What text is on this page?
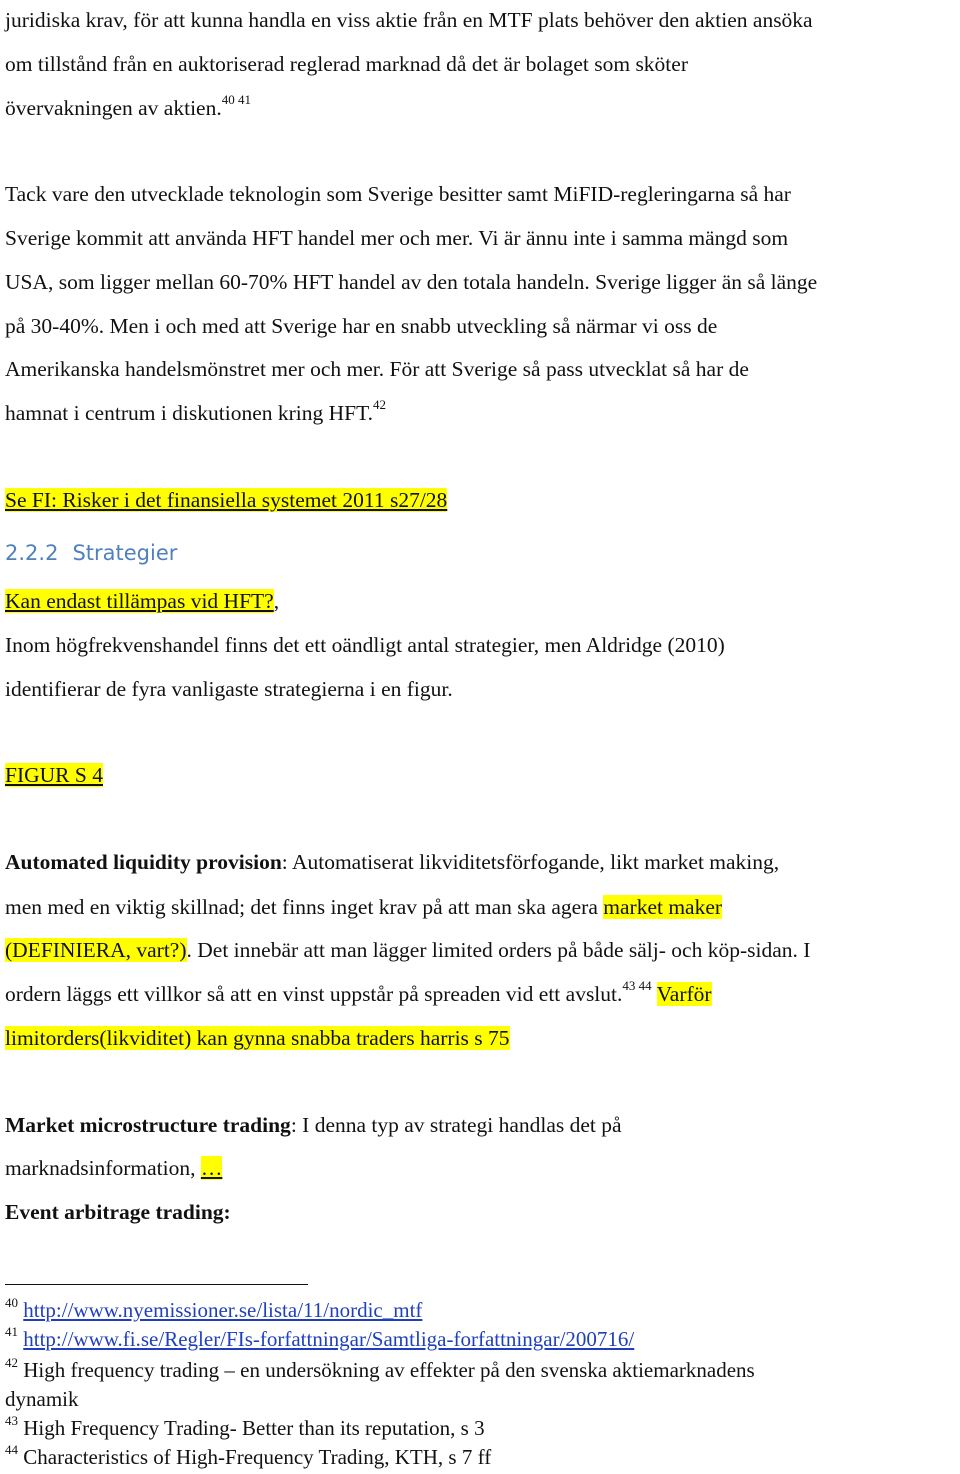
juridiska krav, för att kunna handla en viss aktie från en MTF plats behöver den aktien ansöka
om tillstånd från en auktoriserad reglerad marknad då det är bolaget som sköter
övervakningen av aktien.$^{40 41}$
Tack vare den utvecklade teknologin som Sverige besitter samt MiFID-regleringarna så har
Sverige kommit att använda HFT handel mer och mer. Vi är ännu inte i samma mängd som
USA, som ligger mellan 60-70% HFT handel av den totala handeln. Sverige ligger än så länge
på 30-40%. Men i och med att Sverige har en snabb utveckling så närmar vi oss de
Amerikanska handelsmönstret mer och mer. För att Sverige så pass utvecklat så har de
hamnat i centrum i diskutionen kring HFT.$^{42}$
Se FI: Risker i det finansiella systemet 2011 s27/28
2.2.2 Strategier
Kan endast tillämpas vid HFT?,
Inom högfrekvenshandel finns det ett oändligt antal strategier, men Aldridge (2010)
identifierar de fyra vanligaste strategierna i en figur.
FIGUR S 4
Automated liquidity provision: Automatiserat likviditetsförfogande, likt market making,
men med en viktig skillnad; det finns inget krav på att man ska agera market maker
(DEFINIERA, vart?). Det innebär att man lägger limited orders på både sälj- och köp-sidan. I
ordern läggs ett villkor så att en vinst uppstår på spreaden vid ett avslut.$^{43 44}$ Varför
limitorders(likviditet) kan gynna snabba traders harris s 75
Market microstructure trading: I denna typ av strategi handlas det på
marknadsinformation, …
Event arbitrage trading:
$^{40}$ http://www.nyemissioner.se/lista/11/nordic_mtf
$^{41}$ http://www.fi.se/Regler/FIs-forfattningar/Samtliga-forfattningar/200716/
$^{42}$ High frequency trading – en undersökning av effekter på den svenska aktiemarknadens
dynamik
$^{43}$ High Frequency Trading- Better than its reputation, s 3
$^{44}$ Characteristics of High-Frequency Trading, KTH, s 7 ff
